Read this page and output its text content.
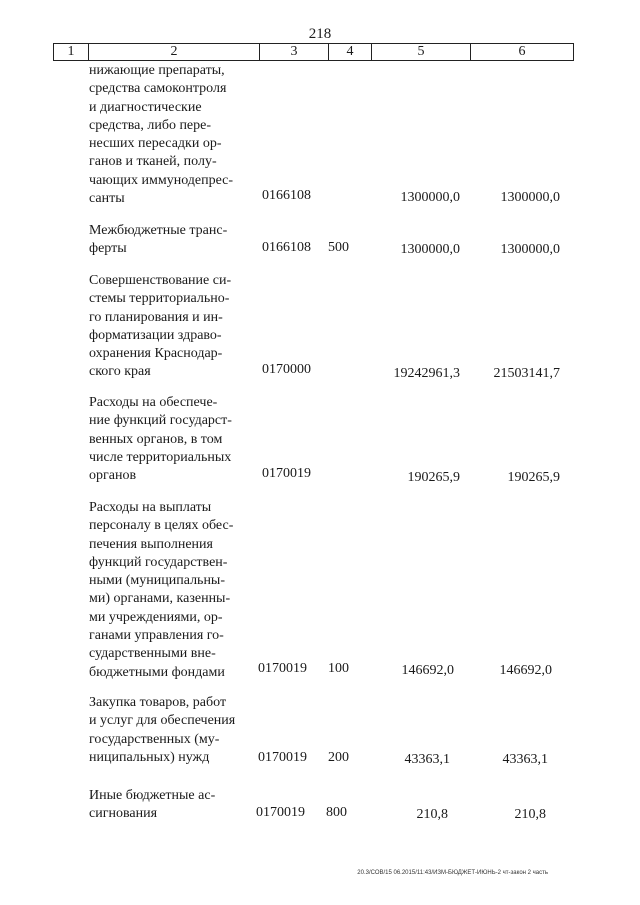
218
1	2	3	4	5	6
нижающие препараты,
средства самоконтроля
и диагностические
средства, либо пере-
несших пересадки ор-
ганов и тканей, полу-
чающих иммунодепрес-
санты	0166108	1300000,0	1300000,0
Межбюджетные транс-
ферты	0166108 500	1300000,0	1300000,0
Совершенствование си-
стемы территориально-
го планирования и ин-
форматизации здраво-
охранения Краснодар-
ского края	0170000	19242961,3 21503141,7
Расходы на обеспече-
ние функций государст-
венных органов, в том
числе территориальных
органов	0170019	190265,9	190265,9
Расходы на выплаты
персоналу в целях обес-
печения выполнения
функций государствен-
ными (муниципальны-
ми) органами, казенны-
ми учреждениями, ор-
ганами управления го-
сударственными вне-
бюджетными фондами	0170019 100	146692,0	146692,0
Закупка товаров, работ
и услуг для обеспечения
государственных (му-
ниципальных) нужд	0170019 200	43363,1	43363,1
Иные бюджетные ас-
сигнования	0170019 800	210,8	210,8
20.3/СОВ/15 06.2015/11:43/ИЗМ-БЮДЖЕТ-ИЮНЬ-2 чт-закон 2 часть
